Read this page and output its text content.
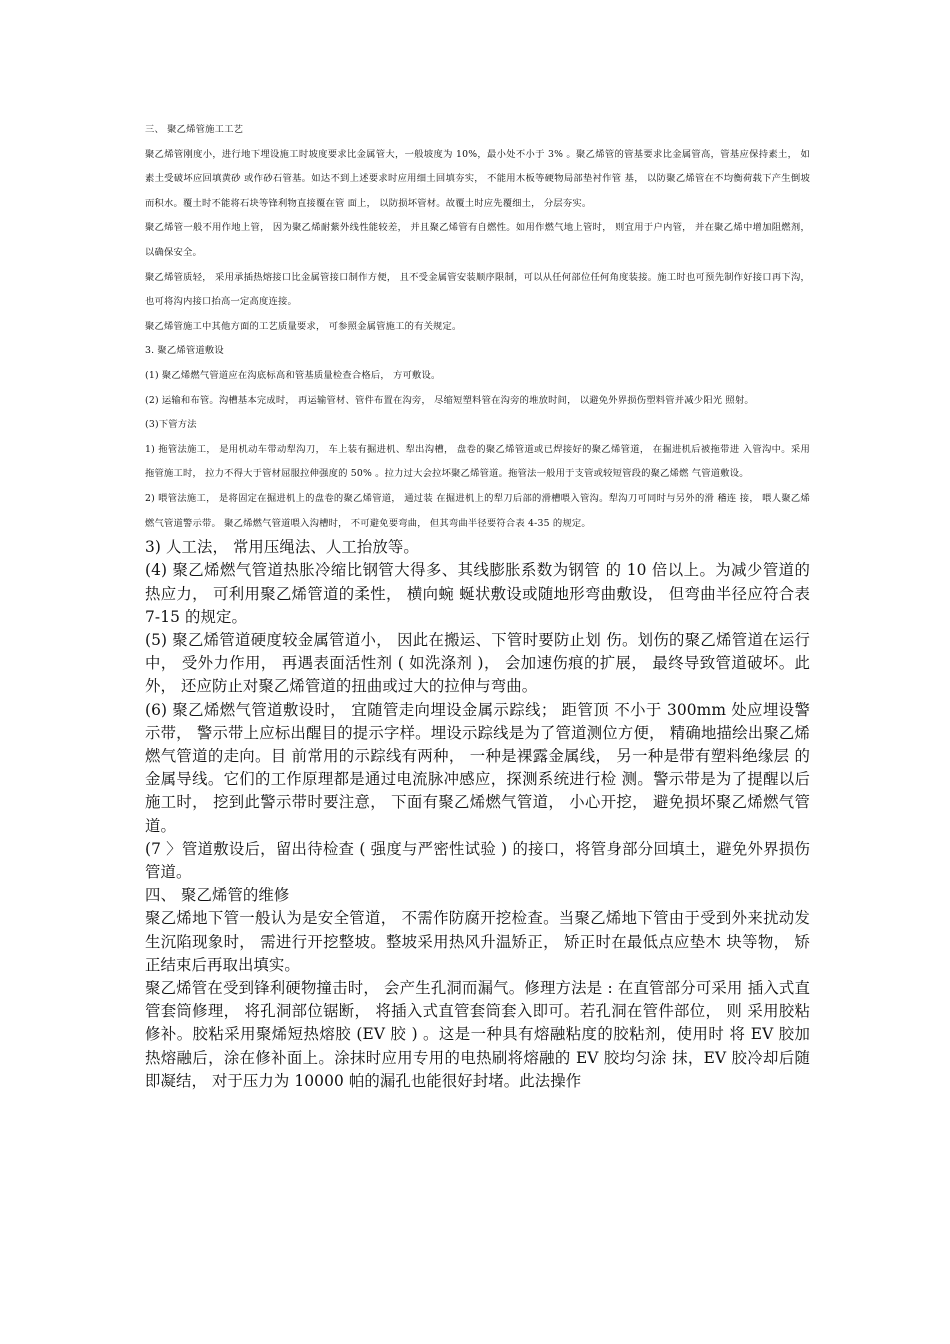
三、 聚乙烯管施工工艺

聚乙烯管刚度小，进行地下埋设施工时坡度要求比金属管大，一般坡度为 10%，最小处不小于 3% 。聚乙烯管的管基要求比金属管高，管基应保持素土， 如素土受破坏应回填黄砂 或作砂石管基。如达不到上述要求时应用细土回填夯实， 不能用木板等硬物局部垫衬作管 基， 以防聚乙烯管在不均衡荷载下产生倒坡而积水。覆土时不能将石块等锋利物直接覆在管 面上， 以防损坏管材。故覆土时应先覆细土， 分层夯实。

聚乙烯管一般不用作地上管， 因为聚乙烯耐紫外线性能较差， 并且聚乙烯管有自燃性。如用作燃气地上管时， 则宜用于户内管， 并在聚乙烯中增加阻燃剂， 以确保安全。

聚乙烯管质轻， 采用承插热熔接口比金属管接口制作方便， 且不受金属管安装顺序限制，可以从任何部位任何角度装接。施工时也可预先制作好接口再下沟， 也可将沟内接口抬高一定高度连接。

聚乙烯管施工中其他方面的工艺质量要求， 可参照金属管施工的有关规定。

3. 聚乙烯管道敷设

(1) 聚乙烯燃气管道应在沟底标高和管基质量检查合格后， 方可敷设。

(2) 运输和布管。沟槽基本完成时， 再运输管材、管件布置在沟旁， 尽缩短塑料管在沟旁的堆放时间， 以避免外界损伤塑料管并减少阳光 照射。

(3)下管方法

1) 拖管法施工， 是用机动车带动犁沟刀， 车上装有掘进机、犁出沟槽， 盘卷的聚乙烯管道或已焊接好的聚乙烯管道， 在掘进机后被拖带进 入管沟中。采用拖管施工时， 拉力不得大于管材屈服拉伸强度的 50% 。拉力过大会拉坏聚乙烯管道。拖管法一般用于支管或较短管段的聚乙烯燃 气管道敷设。

2) 喂管法施工， 是将固定在掘进机上的盘卷的聚乙烯管道， 通过装 在掘进机上的犁刀后部的滑槽喂入管沟。犁沟刀可同时与另外的滑 稽连 接， 喂人聚乙烯燃气管道警示带。 聚乙烯燃气管道喂入沟槽时， 不可避免要弯曲， 但其弯曲半径要符合表 4-35 的规定。

3) 人工法， 常用压绳法、人工抬放等。

(4) 聚乙烯燃气管道热胀冷缩比钢管大得多、其线膨胀系数为钢管 的 10 倍以上。为减少管道的热应力， 可利用聚乙烯管道的柔性， 横向蜿 蜒状敷设或随地形弯曲敷设， 但弯曲半径应符合表 7-15 的规定。

(5) 聚乙烯管道硬度较金属管道小， 因此在搬运、下管时要防止划 伤。划伤的聚乙烯管道在运行中， 受外力作用， 再遇表面活性剂 ( 如洗涤剂 )， 会加速伤痕的扩展， 最终导致管道破坏。此外， 还应防止对聚乙烯管道的扭曲或过大的拉伸与弯曲。

(6) 聚乙烯燃气管道敷设时， 宜随管走向埋设金属示踪线； 距管顶 不小于 300mm 处应埋设警示带， 警示带上应标出醒目的提示字样。埋设示踪线是为了管道测位方便， 精确地描绘出聚乙烯燃气管道的走向。目 前常用的示踪线有两种， 一种是裸露金属线， 另一种是带有塑料绝缘层 的金属导线。它们的工作原理都是通过电流脉冲感应，探测系统进行检 测。警示带是为了提醒以后施工时， 挖到此警示带时要注意， 下面有聚乙烯燃气管道， 小心开挖， 避免损坏聚乙烯燃气管道。

(7 〉管道敷设后，留出待检查 ( 强度与严密性试验 ) 的接口，将管身部分回填土，避免外界损伤管道。

四、 聚乙烯管的维修

聚乙烯地下管一般认为是安全管道， 不需作防腐开挖检查。当聚乙烯地下管由于受到外来扰动发生沉陷现象时， 需进行开挖整坡。整坡采用热风升温矫正， 矫正时在最低点应垫木 块等物， 矫正结束后再取出填实。

聚乙烯管在受到锋利硬物撞击时， 会产生孔洞而漏气。修理方法是 : 在直管部分可采用 插入式直管套筒修理， 将孔洞部位锯断， 将插入式直管套筒套入即可。若孔洞在管件部位， 则 采用胶粘修补。胶粘采用聚烯短热熔胶 (EV 胶 ) 。这是一种具有熔融粘度的胶粘剂，使用时 将 EV 胶加热熔融后，涂在修补面上。涂抹时应用专用的电热刷将熔融的 EV 胶均匀涂 抹，EV 胶冷却后随即凝结， 对于压力为 10000 帕的漏孔也能很好封堵。此法操作
